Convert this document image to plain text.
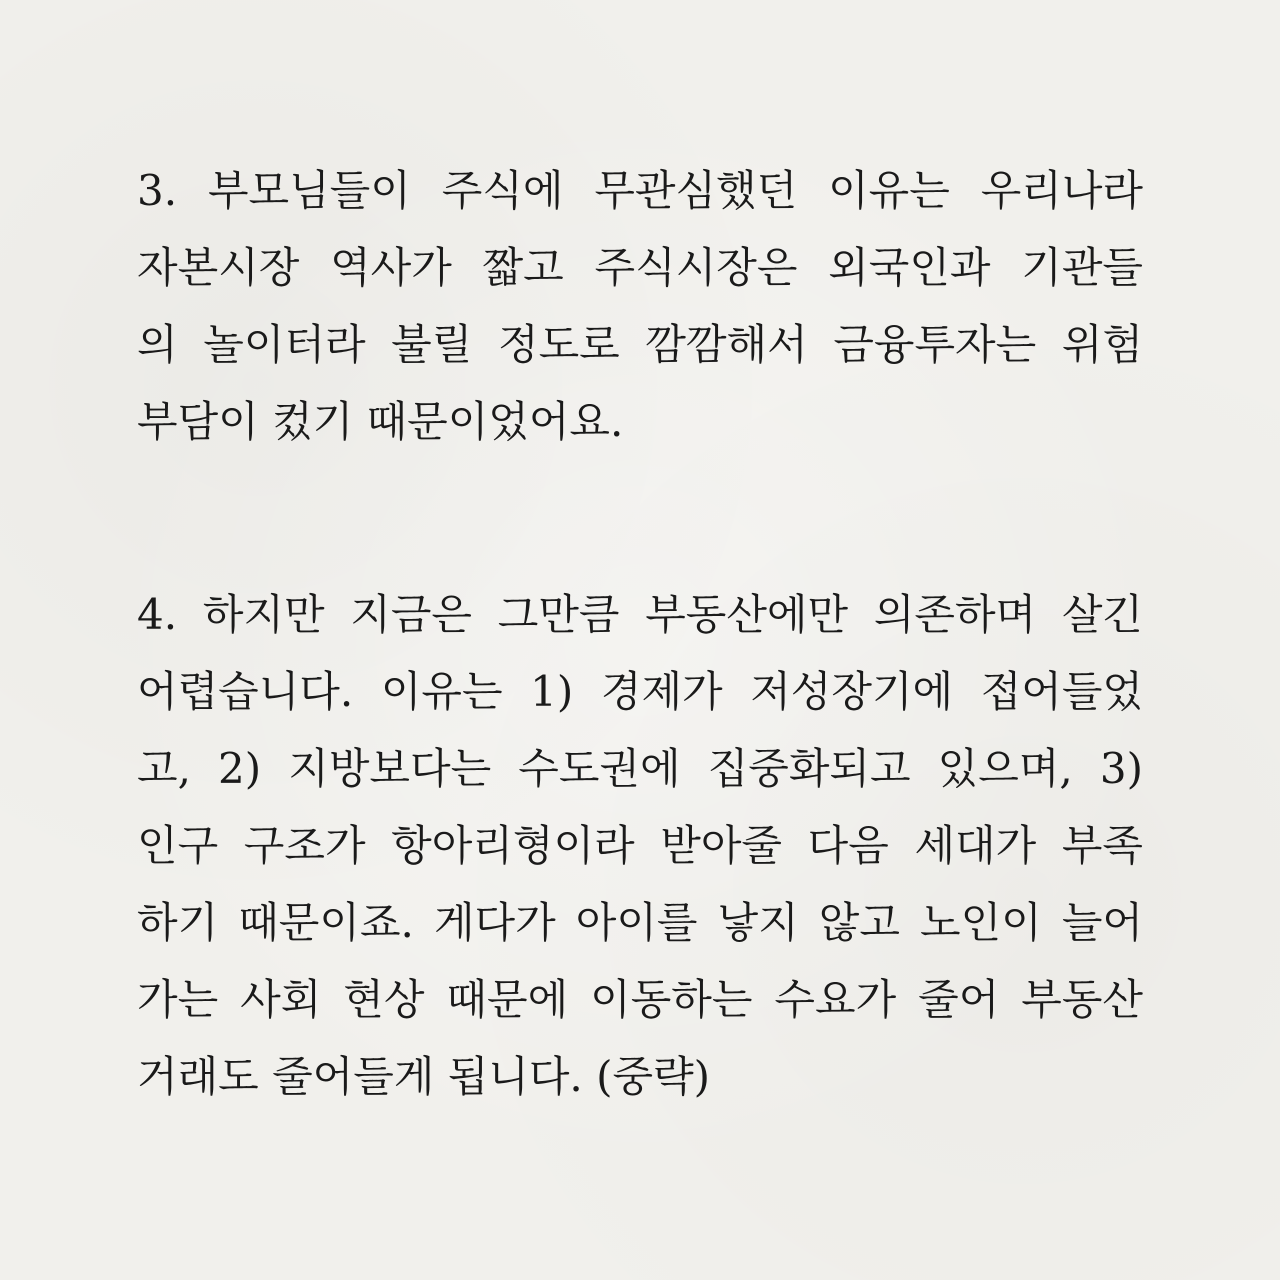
3. 부모님들이 주식에 무관심했던 이유는 우리나라
자본시장 역사가 짧고 주식시장은 외국인과 기관들
의 놀이터라 불릴 정도로 깜깜해서 금융투자는 위험
부담이 컸기 때문이었어요.
4. 하지만 지금은 그만큼 부동산에만 의존하며 살긴
어렵습니다. 이유는 1) 경제가 저성장기에 접어들었
고, 2) 지방보다는 수도권에 집중화되고 있으며, 3)
인구 구조가 항아리형이라 받아줄 다음 세대가 부족
하기 때문이죠. 게다가 아이를 낳지 않고 노인이 늘어
가는 사회 현상 때문에 이동하는 수요가 줄어 부동산
거래도 줄어들게 됩니다. (중략)
